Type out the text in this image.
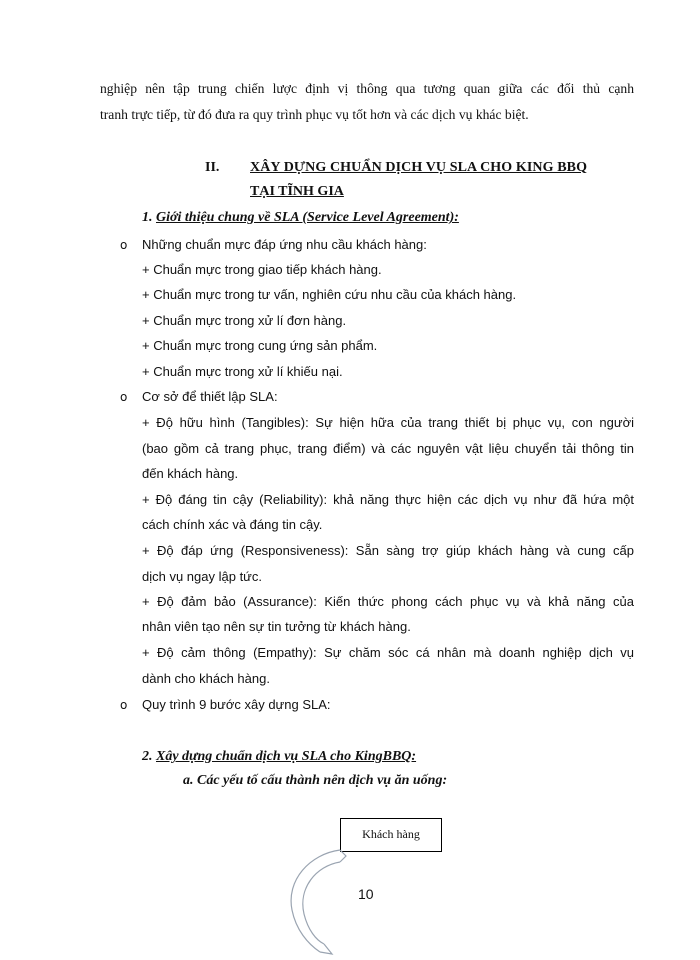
nghiệp nên tập trung chiến lược định vị thông qua tương quan giữa các đối thủ cạnh
tranh trực tiếp, từ đó đưa ra quy trình phục vụ tốt hơn và các dịch vụ khác biệt.
II. XÂY DỰNG CHUẨN DỊCH VỤ SLA CHO KING BBQ
TẠI TĨNH GIA
1. Giới thiệu chung về SLA (Service Level Agreement):
o Những chuẩn mực đáp ứng nhu cầu khách hàng:
+ Chuẩn mực trong giao tiếp khách hàng.
+ Chuẩn mực trong tư vấn, nghiên cứu nhu cầu của khách hàng.
+ Chuẩn mực trong xử lí đơn hàng.
+ Chuẩn mực trong cung ứng sản phẩm.
+ Chuẩn mực trong xử lí khiếu nại.
o Cơ sở để thiết lập SLA:
+ Độ hữu hình (Tangibles): Sự hiện hữa của trang thiết bị phục vụ, con người
(bao gồm cả trang phục, trang điểm) và các nguyên vật liệu chuyển tải thông tin
đến khách hàng.
+ Độ đáng tin cậy (Reliability): khả năng thực hiện các dịch vụ như đã hứa một
cách chính xác và đáng tin cậy.
+ Độ đáp ứng (Responsiveness): Sẵn sàng trợ giúp khách hàng và cung cấp
dịch vụ ngay lập tức.
+ Độ đảm bảo (Assurance): Kiến thức phong cách phục vụ và khả năng của
nhân viên tạo nên sự tin tưởng từ khách hàng.
+ Độ cảm thông (Empathy): Sự chăm sóc cá nhân mà doanh nghiệp dịch vụ
dành cho khách hàng.
o Quy trình 9 bước xây dựng SLA:
2. Xây dựng chuẩn dịch vụ SLA cho KingBBQ:
a. Các yếu tố cấu thành nên dịch vụ ăn uống:
Khách hàng
10
